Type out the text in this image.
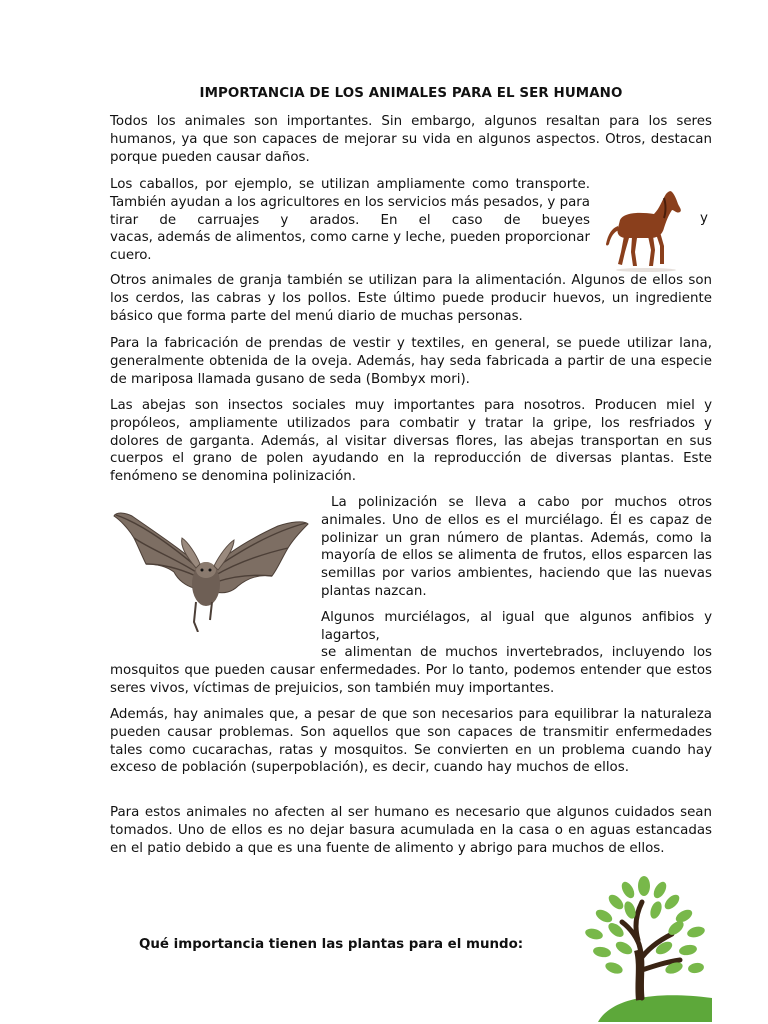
IMPORTANCIA DE LOS ANIMALES PARA EL SER HUMANO

Todos los animales son importantes. Sin embargo, algunos resaltan para los seres humanos, ya que son capaces de mejorar su vida en algunos aspectos. Otros, destacan porque pueden causar daños.

Los caballos, por ejemplo, se utilizan ampliamente como transporte. También ayudan a los agricultores en los servicios más pesados, y para tirar de carruajes y arados. En el caso de bueyes	y

vacas, además de alimentos, como carne y leche, pueden proporcionar cuero.

Otros animales de granja también se utilizan para la alimentación. Algunos de ellos son los cerdos, las cabras y los pollos. Este último puede producir huevos, un ingrediente básico que forma parte del menú diario de muchas personas.

Para la fabricación de prendas de vestir y textiles, en general, se puede utilizar lana, generalmente obtenida de la oveja. Además, hay seda fabricada a partir de una especie de mariposa llamada gusano de seda (Bombyx mori).

Las abejas son insectos sociales muy importantes para nosotros. Producen miel y propóleos, ampliamente utilizados para combatir y tratar la gripe, los resfriados y dolores de garganta. Además, al visitar diversas flores, las abejas transportan en sus cuerpos el grano de polen ayudando en la reproducción de diversas plantas. Este fenómeno se denomina polinización.

La polinización se lleva a cabo por muchos otros animales. Uno de ellos es el murciélago. Él es capaz de polinizar un gran número de plantas. Además, como la mayoría de ellos se alimenta de frutos, ellos esparcen las semillas por varios ambientes, haciendo que las nuevas plantas nazcan.

Algunos murciélagos, al igual que algunos anfibios y lagartos,

se alimentan de muchos invertebrados, incluyendo los mosquitos que pueden causar enfermedades. Por lo tanto, podemos entender que estos seres vivos, víctimas de prejuicios, son también muy importantes.

Además, hay animales que, a pesar de que son necesarios para equilibrar la naturaleza pueden causar problemas. Son aquellos que son capaces de transmitir enfermedades tales como cucarachas, ratas y mosquitos. Se convierten en un problema cuando hay exceso de población (superpoblación), es decir, cuando hay muchos de ellos.

Para estos animales no afecten al ser humano es necesario que algunos cuidados sean tomados. Uno de ellos es no dejar basura acumulada en la casa o en aguas estancadas en el patio debido a que es una fuente de alimento y abrigo para muchos de ellos.

Qué importancia tienen las plantas para el mundo:
